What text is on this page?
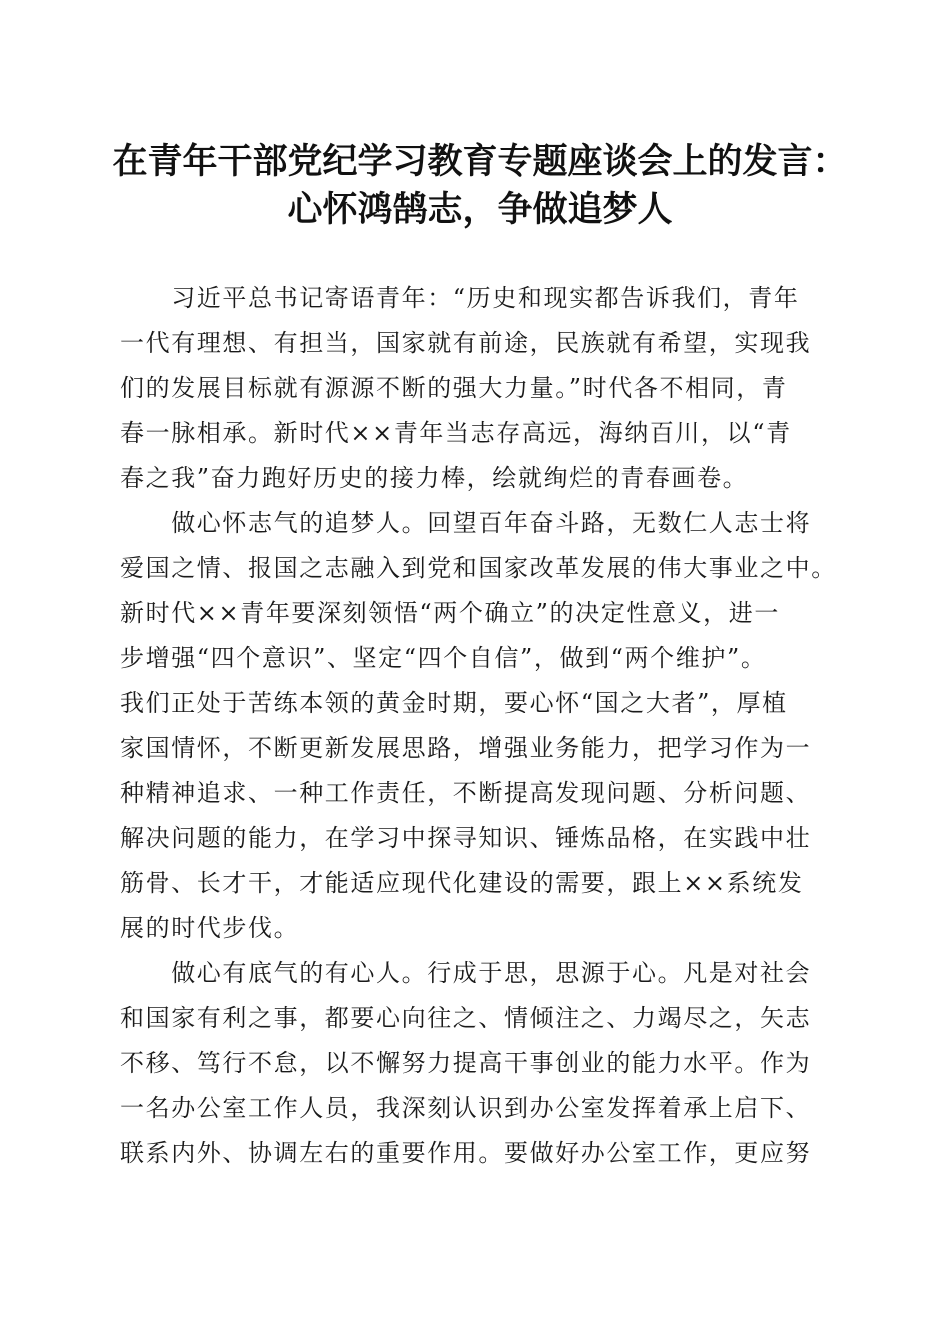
在青年干部党纪学习教育专题座谈会上的发言：
心怀鸿鹄志，争做追梦人
　　习近平总书记寄语青年：“历史和现实都告诉我们，青年
一代有理想、有担当，国家就有前途，民族就有希望，实现我
们的发展目标就有源源不断的强大力量。”时代各不相同，青
春一脉相承。新时代××青年当志存高远，海纳百川，以“青
春之我”奋力跑好历史的接力棒，绘就绚烂的青春画卷。
　　做心怀志气的追梦人。回望百年奋斗路，无数仁人志士将
爱国之情、报国之志融入到党和国家改革发展的伟大事业之中。
新时代××青年要深刻领悟“两个确立”的决定性意义，进一
步增强“四个意识”、坚定“四个自信”，做到“两个维护”。
我们正处于苦练本领的黄金时期，要心怀“国之大者”，厚植
家国情怀，不断更新发展思路，增强业务能力，把学习作为一
种精神追求、一种工作责任，不断提高发现问题、分析问题、
解决问题的能力，在学习中探寻知识、锤炼品格，在实践中壮
筋骨、长才干，才能适应现代化建设的需要，跟上××系统发
展的时代步伐。
　　做心有底气的有心人。行成于思，思源于心。凡是对社会
和国家有利之事，都要心向往之、情倾注之、力竭尽之，矢志
不移、笃行不怠，以不懈努力提高干事创业的能力水平。作为
一名办公室工作人员，我深刻认识到办公室发挥着承上启下、
联系内外、协调左右的重要作用。要做好办公室工作，更应努
